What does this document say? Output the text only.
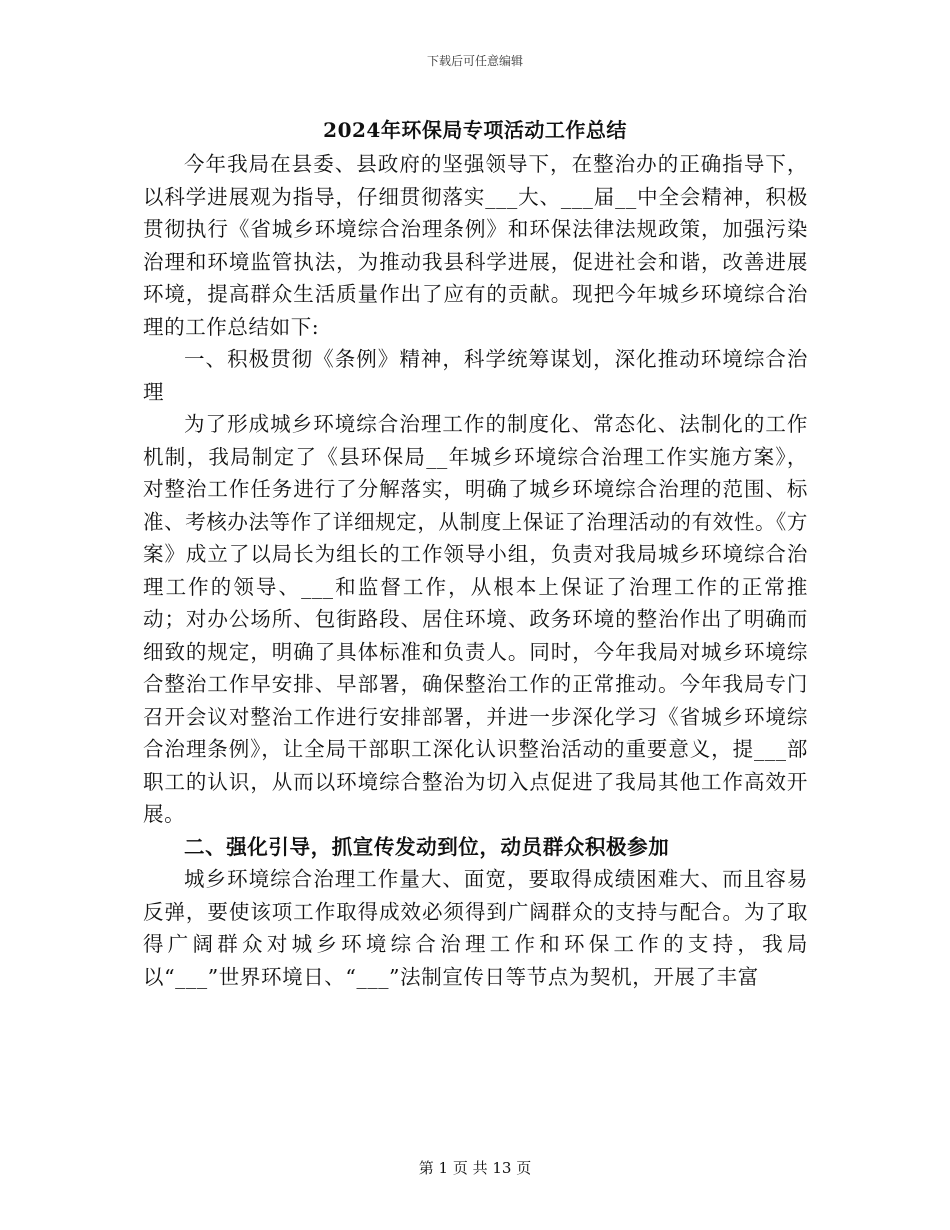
下载后可任意编辑
2024年环保局专项活动工作总结

今年我局在县委、县政府的坚强领导下，在整治办的正确指导下，以科学进展观为指导，仔细贯彻落实___大、___届__中全会精神，积极贯彻执行《省城乡环境综合治理条例》和环保法律法规政策，加强污染治理和环境监管执法，为推动我县科学进展，促进社会和谐，改善进展环境，提高群众生活质量作出了应有的贡献。现把今年城乡环境综合治理的工作总结如下:

一、积极贯彻《条例》精神，科学统筹谋划，深化推动环境综合治理

为了形成城乡环境综合治理工作的制度化、常态化、法制化的工作机制，我局制定了《县环保局__年城乡环境综合治理工作实施方案》，对整治工作任务进行了分解落实，明确了城乡环境综合治理的范围、标准、考核办法等作了详细规定，从制度上保证了治理活动的有效性。《方案》成立了以局长为组长的工作领导小组，负责对我局城乡环境综合治理工作的领导、___和监督工作，从根本上保证了治理工作的正常推动；对办公场所、包街路段、居住环境、政务环境的整治作出了明确而细致的规定，明确了具体标准和负责人。同时，今年我局对城乡环境综合整治工作早安排、早部署，确保整治工作的正常推动。今年我局专门召开会议对整治工作进行安排部署，并进一步深化学习《省城乡环境综合治理条例》，让全局干部职工深化认识整治活动的重要意义，提___部职工的认识，从而以环境综合整治为切入点促进了我局其他工作高效开展。

二、强化引导，抓宣传发动到位，动员群众积极参加

城乡环境综合治理工作量大、面宽，要取得成绩困难大、而且容易反弹，要使该项工作取得成效必须得到广阔群众的支持与配合。为了取得广阔群众对城乡环境综合治理工作和环保工作的支持，我局以“___”世界环境日、“___”法制宣传日等节点为契机，开展了丰富

第 1 页 共 13 页
